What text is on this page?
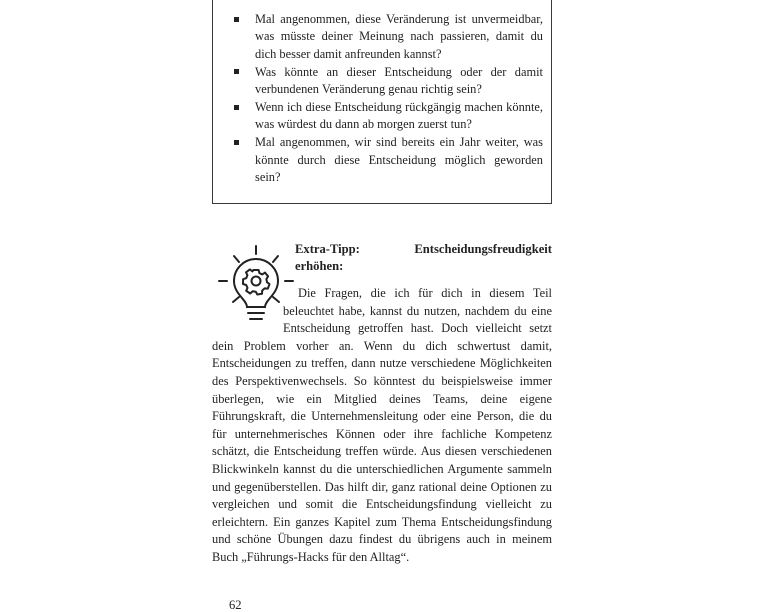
Mal angenommen, diese Veränderung ist unvermeidbar, was müsste deiner Meinung nach passieren, damit du dich besser damit anfreunden kannst?
Was könnte an dieser Entscheidung oder der damit verbundenen Veränderung genau richtig sein?
Wenn ich diese Entscheidung rückgängig machen könnte, was würdest du dann ab morgen zuerst tun?
Mal angenommen, wir sind bereits ein Jahr weiter, was könnte durch diese Entscheidung möglich geworden sein?

Extra-Tipp: Entscheidungsfreudigkeit erhöhen:

Die Fragen, die ich für dich in diesem Teil beleuchtet habe, kannst du nutzen, nachdem du eine Entscheidung getroffen hast. Doch vielleicht setzt dein Problem vorher an. Wenn du dich schwertust damit, Entscheidungen zu treffen, dann nutze verschiedene Möglichkeiten des Perspektivenwechsels. So könntest du beispielsweise immer überlegen, wie ein Mitglied deines Teams, deine eigene Führungskraft, die Unternehmensleitung oder eine Person, die du für unternehmerisches Können oder ihre fachliche Kompetenz schätzt, die Entscheidung treffen würde. Aus diesen verschiedenen Blickwinkeln kannst du die unterschiedlichen Argumente sammeln und gegenüberstellen. Das hilft dir, ganz rational deine Optionen zu vergleichen und somit die Entscheidungsfindung vielleicht zu erleichtern. Ein ganzes Kapitel zum Thema Entscheidungsfindung und schöne Übungen dazu findest du übrigens auch in meinem Buch „Führungs-Hacks für den Alltag“.
62
